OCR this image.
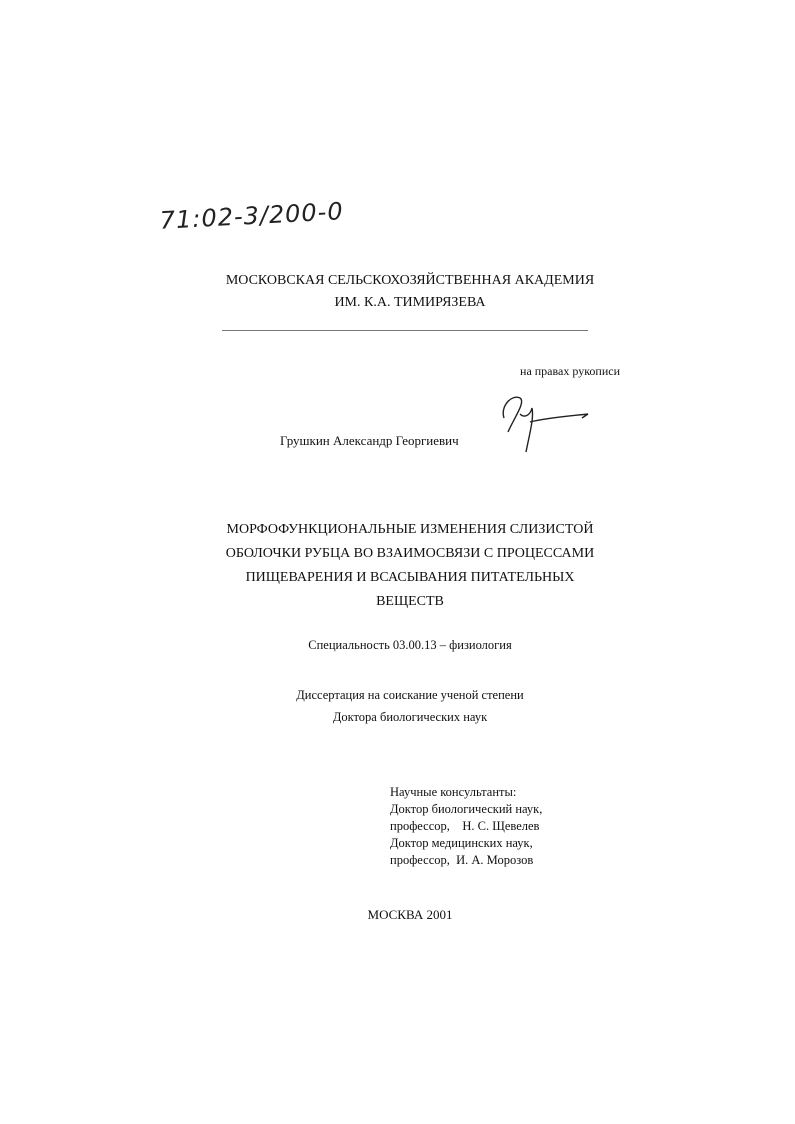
71:02-3/200-0
МОСКОВСКАЯ СЕЛЬСКОХОЗЯЙСТВЕННАЯ АКАДЕМИЯ
ИМ. К.А. ТИМИРЯЗЕВА
на правах рукописи
Грушкин Александр Георгиевич
МОРФОФУНКЦИОНАЛЬНЫЕ ИЗМЕНЕНИЯ СЛИЗИСТОЙ
ОБОЛОЧКИ РУБЦА ВО ВЗАИМОСВЯЗИ С ПРОЦЕССАМИ
ПИЩЕВАРЕНИЯ И ВСАСЫВАНИЯ ПИТАТЕЛЬНЫХ
ВЕЩЕСТВ
Специальность 03.00.13 – физиология
Диссертация на соискание ученой степени
Доктора биологических наук
Научные консультанты:
Доктор биологический наук,
профессор,    Н. С. Щевелев
Доктор медицинских наук,
профессор,  И. А. Морозов
МОСКВА 2001
